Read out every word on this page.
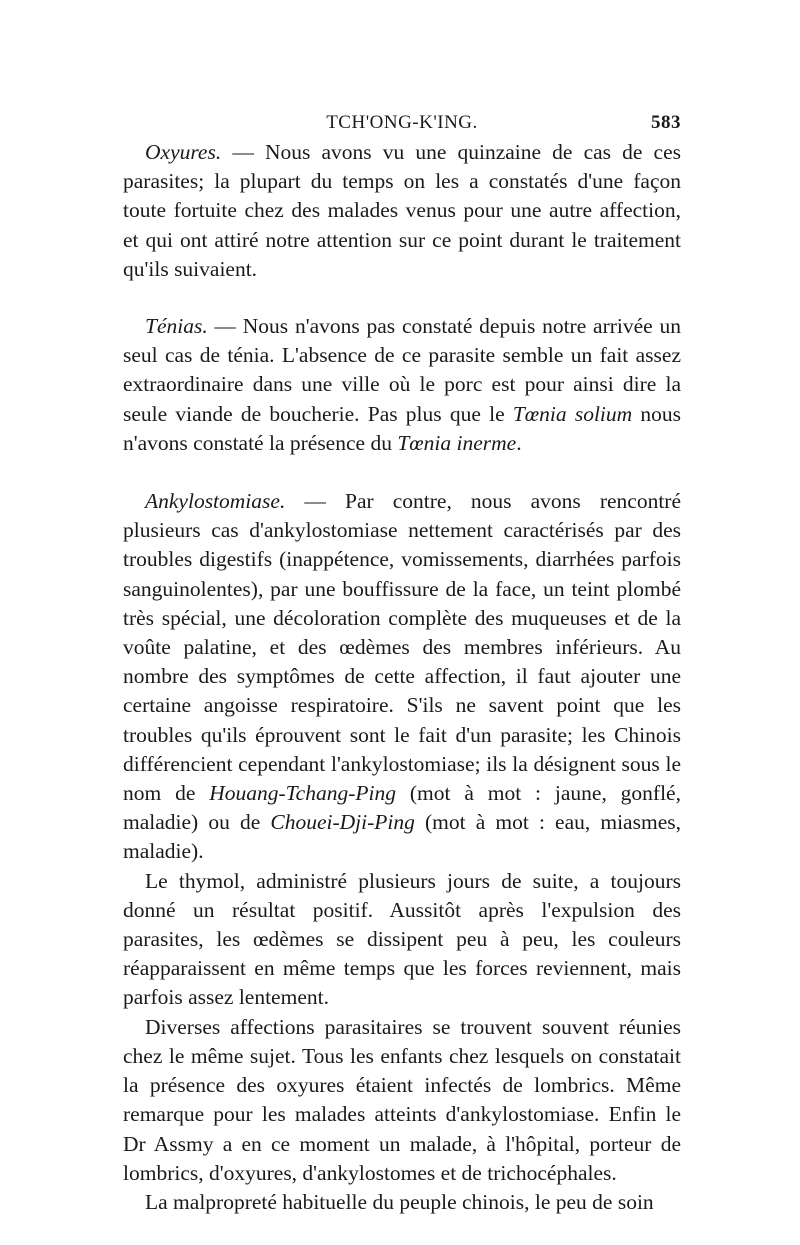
TCH'ONG-K'ING.	583

Oxyures. — Nous avons vu une quinzaine de cas de ces parasites; la plupart du temps on les a constatés d'une façon toute fortuite chez des malades venus pour une autre affection, et qui ont attiré notre attention sur ce point durant le traitement qu'ils suivaient.

Ténias. — Nous n'avons pas constaté depuis notre arrivée un seul cas de ténia. L'absence de ce parasite semble un fait assez extraordinaire dans une ville où le porc est pour ainsi dire la seule viande de boucherie. Pas plus que le Tœnia solium nous n'avons constaté la présence du Tœnia inerme.

Ankylostomiase. — Par contre, nous avons rencontré plusieurs cas d'ankylostomiase nettement caractérisés par des troubles digestifs (inappétence, vomissements, diarrhées parfois sanguinolentes), par une bouffissure de la face, un teint plombé très spécial, une décoloration complète des muqueuses et de la voûte palatine, et des œdèmes des membres inférieurs. Au nombre des symptômes de cette affection, il faut ajouter une certaine angoisse respiratoire. S'ils ne savent point que les troubles qu'ils éprouvent sont le fait d'un parasite; les Chinois différencient cependant l'ankylostomiase; ils la désignent sous le nom de Houang-Tchang-Ping (mot à mot : jaune, gonflé, maladie) ou de Chouei-Dji-Ping (mot à mot : eau, miasmes, maladie).

Le thymol, administré plusieurs jours de suite, a toujours donné un résultat positif. Aussitôt après l'expulsion des parasites, les œdèmes se dissipent peu à peu, les couleurs réapparaissent en même temps que les forces reviennent, mais parfois assez lentement.

Diverses affections parasitaires se trouvent souvent réunies chez le même sujet. Tous les enfants chez lesquels on constatait la présence des oxyures étaient infectés de lombrics. Même remarque pour les malades atteints d'ankylostomiase. Enfin le Dr Assmy a en ce moment un malade, à l'hôpital, porteur de lombrics, d'oxyures, d'ankylostomes et de trichocéphales.

La malpropreté habituelle du peuple chinois, le peu de soin
